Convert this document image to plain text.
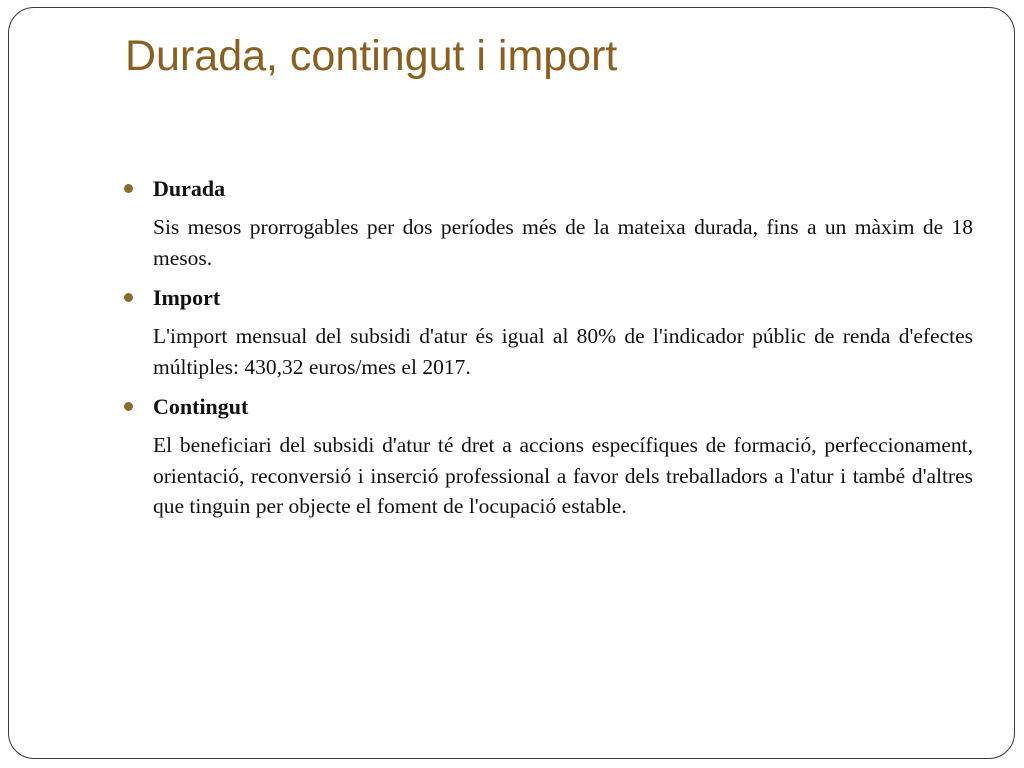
Durada, contingut i import

Durada

Sis mesos prorrogables per dos períodes més de la mateixa durada, fins a un màxim de 18 mesos.

Import

L'import mensual del subsidi d'atur és igual al 80% de l'indicador públic de renda d'efectes múltiples: 430,32 euros/mes el 2017.

Contingut

El beneficiari del subsidi d'atur té dret a accions específiques de formació, perfeccionament, orientació, reconversió i inserció professional a favor dels treballadors a l'atur i també d'altres que tinguin per objecte el foment de l'ocupació estable.
